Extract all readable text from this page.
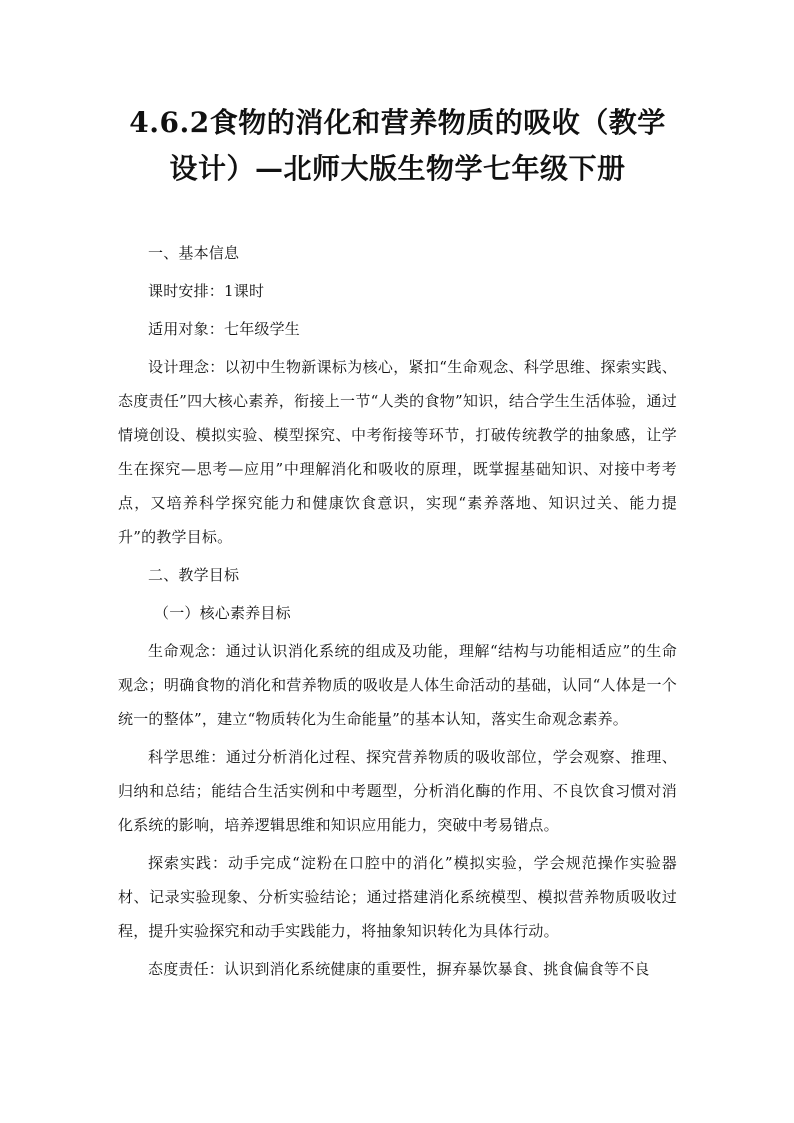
4.6.2食物的消化和营养物质的吸收（教学设计）—北师大版生物学七年级下册

一、基本信息

课时安排：1课时

适用对象：七年级学生

设计理念：以初中生物新课标为核心，紧扣“生命观念、科学思维、探索实践、态度责任”四大核心素养，衔接上一节“人类的食物”知识，结合学生生活体验，通过情境创设、模拟实验、模型探究、中考衔接等环节，打破传统教学的抽象感，让学生在探究—思考—应用”中理解消化和吸收的原理，既掌握基础知识、对接中考考点，又培养科学探究能力和健康饮食意识，实现“素养落地、知识过关、能力提升”的教学目标。

二、教学目标

（一）核心素养目标

生命观念：通过认识消化系统的组成及功能，理解“结构与功能相适应”的生命观念；明确食物的消化和营养物质的吸收是人体生命活动的基础，认同“人体是一个统一的整体”，建立“物质转化为生命能量”的基本认知，落实生命观念素养。

科学思维：通过分析消化过程、探究营养物质的吸收部位，学会观察、推理、归纳和总结；能结合生活实例和中考题型，分析消化酶的作用、不良饮食习惯对消化系统的影响，培养逻辑思维和知识应用能力，突破中考易错点。

探索实践：动手完成“淀粉在口腔中的消化”模拟实验，学会规范操作实验器材、记录实验现象、分析实验结论；通过搭建消化系统模型、模拟营养物质吸收过程，提升实验探究和动手实践能力，将抽象知识转化为具体行动。

态度责任：认识到消化系统健康的重要性，摒弃暴饮暴食、挑食偏食等不良
